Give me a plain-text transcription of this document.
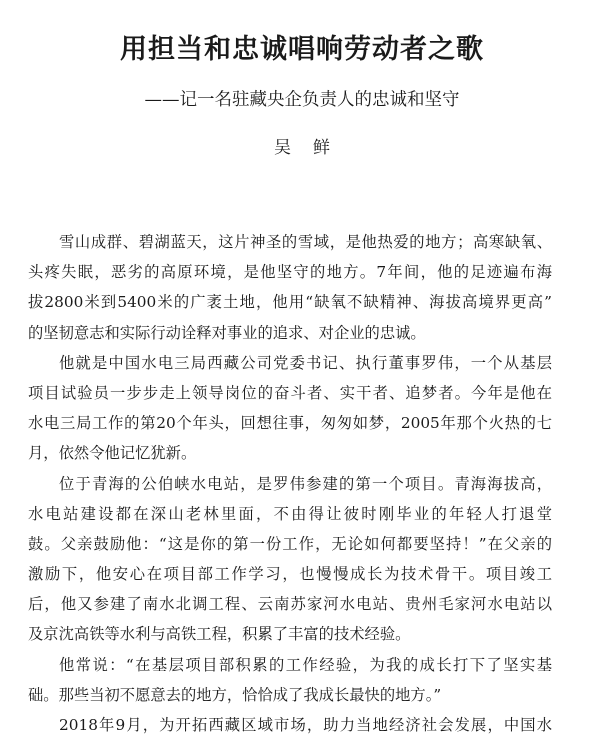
用担当和忠诚唱响劳动者之歌
——记一名驻藏央企负责人的忠诚和坚守
吴 鲜
雪山成群、碧湖蓝天，这片神圣的雪域，是他热爱的地方；高寒缺氧、
头疼失眠，恶劣的高原环境，是他坚守的地方。7年间，他的足迹遍布海
拔2800米到5400米的广袤土地，他用“缺氧不缺精神、海拔高境界更高”
的坚韧意志和实际行动诠释对事业的追求、对企业的忠诚。
他就是中国水电三局西藏公司党委书记、执行董事罗伟，一个从基层
项目试验员一步步走上领导岗位的奋斗者、实干者、追梦者。今年是他在
水电三局工作的第20个年头，回想往事，匆匆如梦，2005年那个火热的七
月，依然令他记忆犹新。
位于青海的公伯峡水电站，是罗伟参建的第一个项目。青海海拔高，
水电站建设都在深山老林里面，不由得让彼时刚毕业的年轻人打退堂
鼓。父亲鼓励他：“这是你的第一份工作，无论如何都要坚持！”在父亲的
激励下，他安心在项目部工作学习，也慢慢成长为技术骨干。项目竣工
后，他又参建了南水北调工程、云南苏家河水电站、贵州毛家河水电站以
及京沈高铁等水利与高铁工程，积累了丰富的技术经验。
他常说：“在基层项目部积累的工作经验，为我的成长打下了坚实基
础。那些当初不愿意去的地方，恰恰成了我成长最快的地方。”
2018年9月，为开拓西藏区域市场，助力当地经济社会发展，中国水
